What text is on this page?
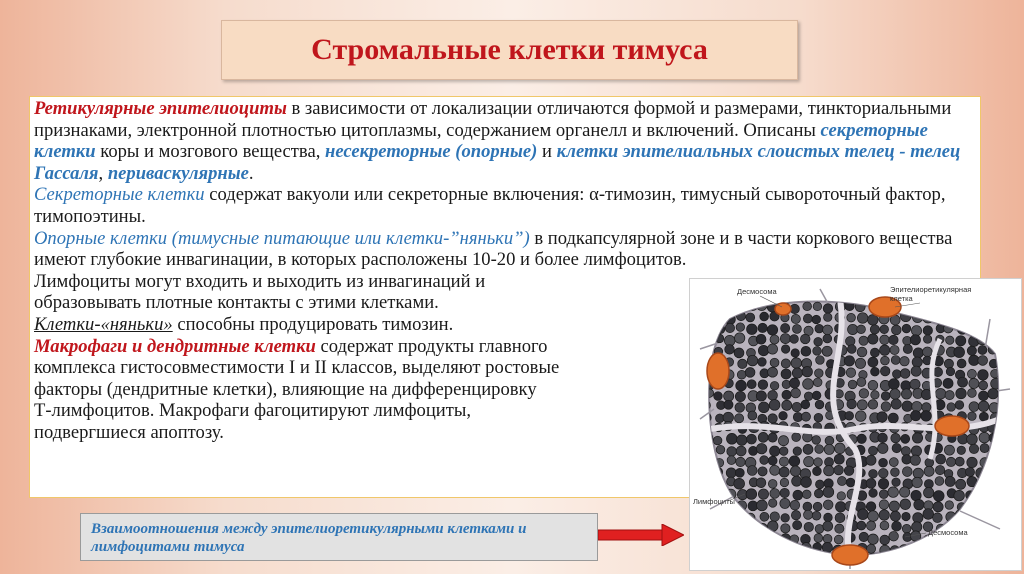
Стромальные клетки тимуса

Ретикулярные эпителиоциты в зависимости от локализации отличаются формой и размерами, тинкториальными признаками, электронной плотностью цитоплазмы, содержанием органелл и включений. Описаны секреторные клетки коры и мозгового вещества, несекреторные (опорные) и клетки эпителиальных слоистых телец - телец Гассаля, периваскулярные.

Секреторные клетки содержат вакуоли или секреторные включения: α-тимозин, тимусный сывороточный фактор, тимопоэтины.

Опорные клетки (тимусные питающие или клетки-”няньки”) в подкапсулярной зоне и в части коркового вещества имеют глубокие инвагинации, в которых расположены 10-20 и более лимфоцитов.

Лимфоциты могут входить и выходить из инвагинаций и
образовывать плотные контакты с этими клетками.

Клетки-«няньки» способны продуцировать тимозин.

Макрофаги и дендритные клетки содержат продукты главного
комплекса гистосовместимости I и II классов, выделяют ростовые
факторы (дендритные клетки), влияющие на дифференцировку
Т-лимфоцитов. Макрофаги фагоцитируют лимфоциты,
подвергшиеся апоптозу.

Десмосома	Эпителиоретикулярная
клетка
Лимфоциты
Десмосома
Взаимоотношения между эпителиоретикулярными клетками и лимфоцитами тимуса
